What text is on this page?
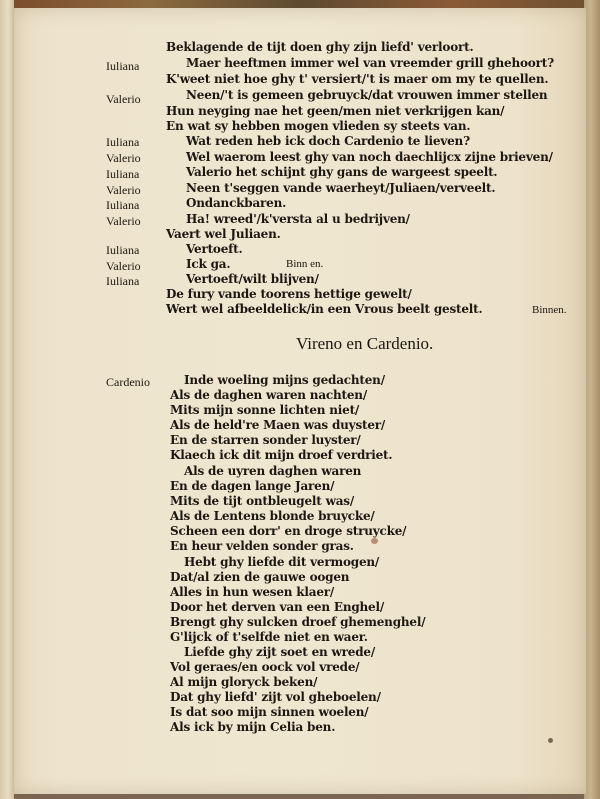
Beklagende de tijt doen ghy zijn liefd' verloort.
Iuliana	Maer heeftmen immer wel van vreemder grill ghehoort?
K'weet niet hoe ghy t' versiert/'t is maer om my te quellen.
Valerio	Neen/'t is gemeen gebruyck/dat vrouwen immer stellen
Hun neyging nae het geen/men niet verkrijgen kan/
En wat sy hebben mogen vlieden sy steets van.
Iuliana	Wat reden heb ick doch Cardenio te lieven?
Valerio	Wel waerom leest ghy van noch daechlijcx zijne brieven/
Iuliana	Valerio het schijnt ghy gans de wargeest speelt.
Valerio	Neen t'seggen vande waerheyt/Juliaen/verveelt.
Iuliana	Ondanckbaren.
Valerio	Ha! wreed'/k'versta al u bedrijven/
Vaert wel Juliaen.
Iuliana	Vertoeft.
Valerio	Ick ga.	Binn en.
Iuliana	Vertoeft/wilt blijven/
De fury vande toorens hettige gewelt/
Wert wel afbeeldelick/in een Vrous beelt gestelt.	Binnen.
Vireno en Cardenio.
Cardenio	Inde woeling mijns gedachten/
Als de daghen waren nachten/
Mits mijn sonne lichten niet/
Als de held're Maen was duyster/
En de starren sonder luyster/
Klaech ick dit mijn droef verdriet.
Als de uyren daghen waren
En de dagen lange Jaren/
Mits de tijt ontbleugelt was/
Als de Lentens blonde bruycke/
Scheen een dorr' en droge struycke/
En heur velden sonder gras.
Hebt ghy liefde dit vermogen/
Dat/al zien de gauwe oogen
Alles in hun wesen klaer/
Door het derven van een Enghel/
Brengt ghy sulcken droef ghemenghel/
G'lijck of t'selfde niet en waer.
Liefde ghy zijt soet en wrede/
Vol geraes/en oock vol vrede/
Al mijn gloryck beken/
Dat ghy liefd' zijt vol gheboelen/
Is dat soo mijn sinnen woelen/
Als ick by mijn Celia ben.
